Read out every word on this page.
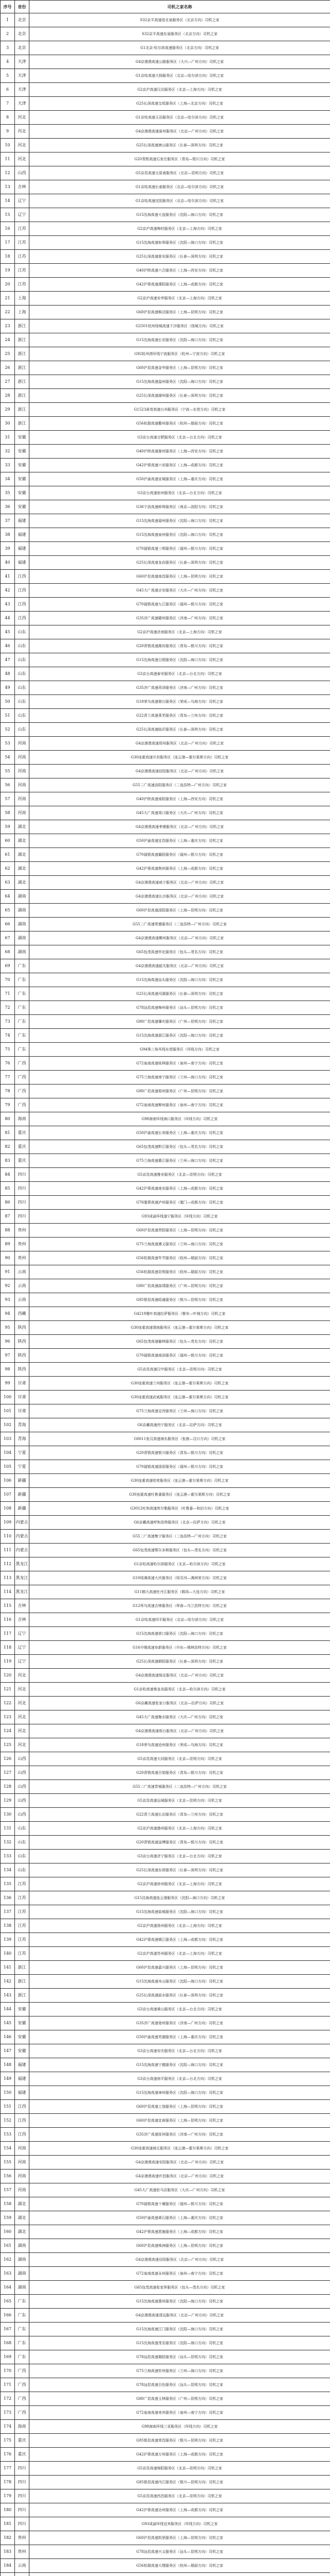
序号	省份	司机之家名称
1	北京	S32京平高速进北泉服务区（北京方向）司机之家
2	北京	S32京平高速东泉服务区（北京方向）司机之家
3	北京	G1北京-哈尔滨高速服务区（北京方向）司机之家
4	天津	G4京港澳高速公路服务区（大兴—广州方向）司机之家
5	天津	G1京哈高速大杨服务区（北京—哈尔滨方向）司机之家
6	天津	G2京沪高速汉沽服务区（北京—上海方向）司机之家
7	天津	G25长深高速宝坻服务区（上海—北京方向）司机之家
8	河北	G1京哈高速玉田服务区（北京—哈尔滨方向）司机之家
9	河北	G4京港澳高速涿州服务区（北京—广州方向）司机之家
10	河北	G25长深高速唐山服务区（长春—深圳方向）司机之家
11	河北	G20青银高速石家庄服务区（青岛—银川方向）司机之家
12	山西	G5京昆高速太原南服务区（北京—昆明方向）司机之家
13	吉林	G1京哈高速长春服务区（北京—哈尔滨方向）司机之家
14	辽宁	G1京哈高速沈阳服务区（北京—哈尔滨方向）司机之家
15	辽宁	G15沈海高速大连服务区（沈阳—海口方向）司机之家
16	江苏	G2京沪高速梅村服务区（北京—上海方向）司机之家
17	江苏	G15沈海高速如皋服务区（沈阳—海口方向）司机之家
18	江苏	G25长深高速淮安服务区（长春—深圳方向）司机之家
19	江苏	G40沪陕高速六合服务区（上海—西安方向）司机之家
20	江苏	G42沪蓉高速溧阳服务区（上海—成都方向）司机之家
21	上海	G2京沪高速安亭服务区（北京—上海方向）司机之家
22	上海	G60沪昆高速枫泾服务区（上海—昆明方向）司机之家
23	浙江	G2501杭州绕城高速下沙服务区（绕城方向）司机之家
24	浙江	G15沈海高速长安服务区（沈阳—海口方向）司机之家
25	浙江	G92杭州湾环线宁波服务区（杭州—宁波方向）司机之家
26	浙江	G60沪昆高速金华服务区（上海—昆明方向）司机之家
27	浙江	G15沈海高速温州服务区（沈阳—海口方向）司机之家
28	浙江	G25长深高速湖州服务区（长春—深圳方向）司机之家
29	浙江	G1523甬莞高速台州服务区（宁波—东莞方向）司机之家
30	浙江	G56杭瑞高速衢州服务区（杭州—瑞丽方向）司机之家
31	安徽	G3京台高速合肥服务区（北京—台北方向）司机之家
32	安徽	G40沪陕高速滁州服务区（上海—西安方向）司机之家
33	安徽	G42沪蓉高速六安服务区（上海—成都方向）司机之家
34	安徽	G50沪渝高速宣城服务区（上海—重庆方向）司机之家
35	安徽	G3京台高速宿州服务区（北京—台北方向）司机之家
36	安徽	G36宁洛高速蚌埠服务区（南京—洛阳方向）司机之家
37	福建	G15沈海高速福州服务区（沈阳—海口方向）司机之家
38	福建	G15沈海高速泉州服务区（沈阳—海口方向）司机之家
39	福建	G70福银高速三明服务区（福州—银川方向）司机之家
40	福建	G25长深高速龙岩服务区（长春—深圳方向）司机之家
41	江西	G60沪昆高速南昌服务区（上海—昆明方向）司机之家
42	江西	G45大广高速吉安服务区（大庆—广州方向）司机之家
43	江西	G70福银高速九江服务区（福州—银川方向）司机之家
44	江西	G35济广高速赣州服务区（济南—广州方向）司机之家
45	山东	G2京沪高速济南服务区（北京—上海方向）司机之家
46	山东	G20青银高速潍坊服务区（青岛—银川方向）司机之家
47	山东	G15沈海高速日照服务区（沈阳—海口方向）司机之家
48	山东	G3京台高速泰安服务区（北京—台北方向）司机之家
49	山东	G35济广高速菏泽服务区（济南—广州方向）司机之家
50	山东	G18荣乌高速烟台服务区（荣成—乌海方向）司机之家
51	山东	G22青兰高速莱芜服务区（青岛—兰州方向）司机之家
52	山东	G25长深高速临沂服务区（长春—深圳方向）司机之家
53	河南	G4京港澳高速郑州服务区（北京—广州方向）司机之家
54	河南	G30连霍高速开封服务区（连云港—霍尔果斯方向）司机之家
55	河南	G4京港澳高速信阳服务区（北京—广州方向）司机之家
56	河南	G55二广高速洛阳服务区（二连浩特—广州方向）司机之家
57	河南	G40沪陕高速南阳服务区（上海—西安方向）司机之家
58	河南	G45大广高速周口服务区（大庆—广州方向）司机之家
59	湖北	G4京港澳高速孝感服务区（北京—广州方向）司机之家
60	湖北	G50沪渝高速宜昌服务区（上海—重庆方向）司机之家
61	湖北	G70福银高速襄阳服务区（福州—银川方向）司机之家
62	湖北	G42沪蓉高速荆州服务区（上海—成都方向）司机之家
63	湖北	G4京港澳高速咸宁服务区（北京—广州方向）司机之家
64	湖南	G4京港澳高速长沙服务区（北京—广州方向）司机之家
65	湖南	G60沪昆高速邵阳服务区（上海—昆明方向）司机之家
66	湖南	G55二广高速常德服务区（二连浩特—广州方向）司机之家
67	湖南	G4京港澳高速郴州服务区（北京—广州方向）司机之家
68	湖南	G65包茂高速怀化服务区（包头—茂名方向）司机之家
69	广东	G4京港澳高速韶关服务区（北京—广州方向）司机之家
70	广东	G15沈海高速汕头服务区（沈阳—海口方向）司机之家
71	广东	G25长深高速河源服务区（长春—深圳方向）司机之家
72	广东	G78汕昆高速梅州服务区（汕头—昆明方向）司机之家
73	广东	G80广昆高速肇庆服务区（广州—昆明方向）司机之家
74	广东	G15沈海高速湛江服务区（沈阳—海口方向）司机之家
75	广东	G94珠三角环线东莞服务区（环线方向）司机之家
76	广西	G72泉南高速桂林服务区（泉州—南宁方向）司机之家
77	广西	G75兰海高速南宁服务区（兰州—海口方向）司机之家
78	广西	G80广昆高速梧州服务区（广州—昆明方向）司机之家
79	广西	G72泉南高速柳州服务区（泉州—南宁方向）司机之家
80	海南	G98海南环线海口服务区（环线方向）司机之家
81	重庆	G50沪渝高速长寿服务区（上海—重庆方向）司机之家
82	重庆	G65包茂高速黔江服务区（包头—茂名方向）司机之家
83	重庆	G75兰海高速綦江服务区（兰州—海口方向）司机之家
84	四川	G5京昆高速雅安服务区（北京—昆明方向）司机之家
85	四川	G42沪蓉高速南充服务区（上海—成都方向）司机之家
86	四川	G76厦蓉高速泸州服务区（厦门—成都方向）司机之家
87	四川	G93成渝环线遂宁服务区（环线方向）司机之家
88	贵州	G60沪昆高速贵阳服务区（上海—昆明方向）司机之家
89	贵州	G75兰海高速遵义服务区（兰州—海口方向）司机之家
90	贵州	G56杭瑞高速毕节服务区（杭州—瑞丽方向）司机之家
91	云南	G56杭瑞高速昆明服务区（杭州—瑞丽方向）司机之家
92	云南	G80广昆高速曲靖服务区（广州—昆明方向）司机之家
93	云南	G85银昆高速昭通服务区（银川—昆明方向）司机之家
94	西藏	G4218雅叶高速拉萨服务区（雅安—叶城方向）司机之家
95	陕西	G30连霍高速渭南服务区（连云港—霍尔果斯方向）司机之家
96	陕西	G65包茂高速榆林服务区（包头—茂名方向）司机之家
97	陕西	G70福银高速商洛服务区（福州—银川方向）司机之家
98	陕西	G5京昆高速汉中服务区（北京—昆明方向）司机之家
99	甘肃	G30连霍高速兰州服务区（连云港—霍尔果斯方向）司机之家
100	甘肃	G30连霍高速武威服务区（连云港—霍尔果斯方向）司机之家
101	甘肃	G75兰海高速定西服务区（兰州—海口方向）司机之家
102	青海	G6京藏高速西宁服务区（北京—拉萨方向）司机之家
103	青海	G0611张汶高速海东服务区（张掖—汶川方向）司机之家
104	宁夏	G20青银高速银川服务区（青岛—银川方向）司机之家
105	宁夏	G70福银高速固原服务区（福州—银川方向）司机之家
106	新疆	G30连霍高速哈密服务区（连云港—霍尔果斯方向）司机之家
107	新疆	G30连霍高速吐鲁番服务区（连云港—霍尔果斯方向）司机之家
108	新疆	G3012吐和高速库尔勒服务区（吐鲁番—和田方向）司机之家
109	内蒙古	G6京藏高速呼和浩特服务区（北京—拉萨方向）司机之家
110	内蒙古	G55二广高速集宁服务区（二连浩特—广州方向）司机之家
111	内蒙古	G65包茂高速鄂尔多斯服务区（包头—茂名方向）司机之家
112	黑龙江	G1京哈高速哈尔滨服务区（北京—哈尔滨方向）司机之家
113	黑龙江	G10绥满高速大庆服务区（绥芬河—满洲里方向）司机之家
114	黑龙江	G11鹤大高速牡丹江服务区（鹤岗—大连方向）司机之家
115	吉林	G12珲乌高速吉林服务区（珲春—乌兰浩特方向）司机之家
116	吉林	G1京哈高速四平服务区（北京—哈尔滨方向）司机之家
117	辽宁	G15沈海高速营口服务区（沈阳—海口方向）司机之家
118	辽宁	G16丹锡高速阜新服务区（丹东—锡林浩特方向）司机之家
119	辽宁	G25长深高速朝阳服务区（长春—深圳方向）司机之家
120	河北	G4京港澳高速保定服务区（北京—广州方向）司机之家
121	河北	G1京哈高速秦皇岛服务区（北京—哈尔滨方向）司机之家
122	河北	G6京藏高速张家口服务区（北京—拉萨方向）司机之家
123	河北	G45大广高速衡水服务区（大庆—广州方向）司机之家
124	河北	G4京港澳高速邢台服务区（北京—广州方向）司机之家
125	河北	G18荣乌高速沧州服务区（荣成—乌海方向）司机之家
126	山西	G5京昆高速大同服务区（北京—昆明方向）司机之家
127	山西	G20青银高速吕梁服务区（青岛—银川方向）司机之家
128	山西	G55二广高速晋城服务区（二连浩特—广州方向）司机之家
129	山西	G5京昆高速运城服务区（北京—昆明方向）司机之家
130	山西	G22青兰高速长治服务区（青岛—兰州方向）司机之家
131	山东	G2京沪高速德州服务区（北京—上海方向）司机之家
132	山东	G20青银高速淄博服务区（青岛—银川方向）司机之家
133	山东	G3京台高速济宁服务区（北京—台北方向）司机之家
134	山东	G25长深高速东营服务区（长春—深圳方向）司机之家
135	江苏	G2京沪高速徐州服务区（北京—上海方向）司机之家
136	江苏	G15沈海高速连云港服务区（沈阳—海口方向）司机之家
137	江苏	G15沈海高速盐城服务区（沈阳—海口方向）司机之家
138	江苏	G2京沪高速扬州服务区（北京—上海方向）司机之家
139	江苏	G42沪蓉高速镇江服务区（上海—成都方向）司机之家
140	江苏	G2京沪高速苏州服务区（北京—上海方向）司机之家
141	浙江	G60沪昆高速嘉兴服务区（上海—昆明方向）司机之家
142	浙江	G15沈海高速舟山服务区（沈阳—海口方向）司机之家
143	浙江	G25长深高速丽水服务区（长春—深圳方向）司机之家
144	安徽	G3京台高速黄山服务区（北京—台北方向）司机之家
145	安徽	G35济广高速亳州服务区（济南—广州方向）司机之家
146	安徽	G50沪渝高速芜湖服务区（上海—重庆方向）司机之家
147	安徽	G3京台高速安庆服务区（北京—台北方向）司机之家
148	福建	G15沈海高速宁德服务区（沈阳—海口方向）司机之家
149	福建	G3京台高速南平服务区（北京—台北方向）司机之家
150	福建	G15沈海高速漳州服务区（沈阳—海口方向）司机之家
151	江西	G60沪昆高速上饶服务区（上海—昆明方向）司机之家
152	江西	G60沪昆高速宜春服务区（上海—昆明方向）司机之家
153	江西	G35济广高速抚州服务区（济南—广州方向）司机之家
154	河南	G30连霍高速商丘服务区（连云港—霍尔果斯方向）司机之家
155	河南	G4京港澳高速安阳服务区（北京—广州方向）司机之家
156	河南	G4京港澳高速许昌服务区（北京—广州方向）司机之家
157	河南	G45大广高速驻马店服务区（大庆—广州方向）司机之家
158	湖北	G70福银高速十堰服务区（福州—银川方向）司机之家
159	湖北	G50沪渝高速黄石服务区（上海—重庆方向）司机之家
160	湖北	G42沪蓉高速恩施服务区（上海—成都方向）司机之家
161	湖南	G60沪昆高速株洲服务区（上海—昆明方向）司机之家
162	湖南	G4京港澳高速岳阳服务区（北京—广州方向）司机之家
163	湖南	G72泉南高速永州服务区（泉州—南宁方向）司机之家
164	湖南	G65包茂高速张家界服务区（包头—茂名方向）司机之家
165	广东	G15沈海高速惠州服务区（沈阳—海口方向）司机之家
166	广东	G4京港澳高速清远服务区（北京—广州方向）司机之家
167	广东	G15沈海高速江门服务区（沈阳—海口方向）司机之家
168	广东	G15沈海高速茂名服务区（沈阳—海口方向）司机之家
169	广东	G78汕昆高速揭阳服务区（汕头—昆明方向）司机之家
170	广西	G75兰海高速钦州服务区（兰州—海口方向）司机之家
171	广西	G78汕昆高速百色服务区（汕头—昆明方向）司机之家
172	广西	G80广昆高速玉林服务区（广州—昆明方向）司机之家
173	广西	G72泉南高速来宾服务区（泉州—南宁方向）司机之家
174	海南	G98海南环线三亚服务区（环线方向）司机之家
175	重庆	G85银昆高速荣昌服务区（银川—昆明方向）司机之家
176	重庆	G42沪蓉高速万州服务区（上海—成都方向）司机之家
177	四川	G5京昆高速绵阳服务区（北京—昆明方向）司机之家
178	四川	G85银昆高速内江服务区（银川—昆明方向）司机之家
179	四川	G5京昆高速西昌服务区（北京—昆明方向）司机之家
180	四川	G42沪蓉高速达州服务区（上海—成都方向）司机之家
181	四川	G93成渝环线宜宾服务区（环线方向）司机之家
182	贵州	G60沪昆高速凯里服务区（上海—昆明方向）司机之家
183	贵州	G78汕昆高速兴义服务区（汕头—昆明方向）司机之家
184	云南	G56杭瑞高速大理服务区（杭州—瑞丽方向）司机之家
